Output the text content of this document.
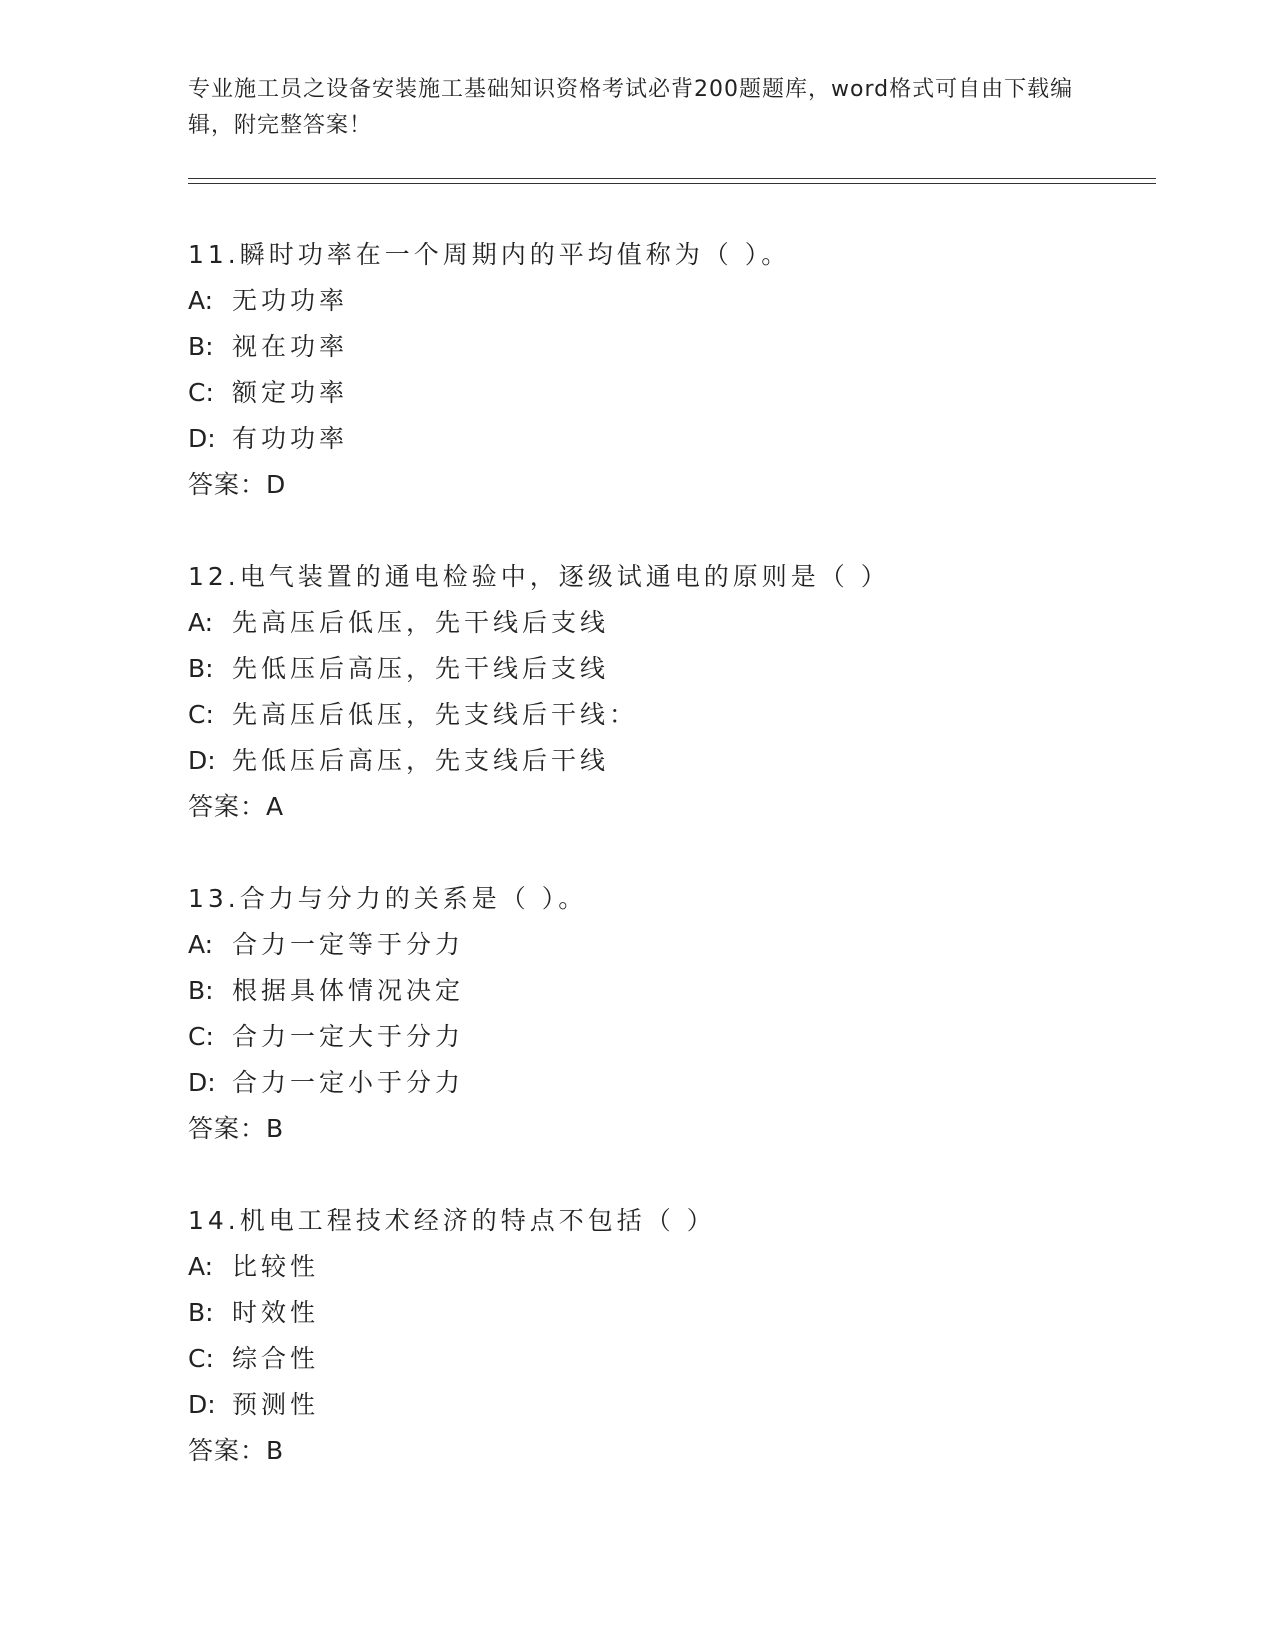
专业施工员之设备安装施工基础知识资格考试必背200题题库，word格式可自由下载编辑，附完整答案！

11.瞬时功率在一个周期内的平均值称为（ ）。
A: 无功功率
B: 视在功率
C: 额定功率
D: 有功功率
答案：D
12.电气装置的通电检验中，逐级试通电的原则是（ ）
A: 先高压后低压，先干线后支线
B: 先低压后高压，先干线后支线
C: 先高压后低压，先支线后干线：
D: 先低压后高压，先支线后干线
答案：A
13.合力与分力的关系是（ ）。
A: 合力一定等于分力
B: 根据具体情况决定
C: 合力一定大于分力
D: 合力一定小于分力
答案：B
14.机电工程技术经济的特点不包括（ ）
A: 比较性
B: 时效性
C: 综合性
D: 预测性
答案：B
